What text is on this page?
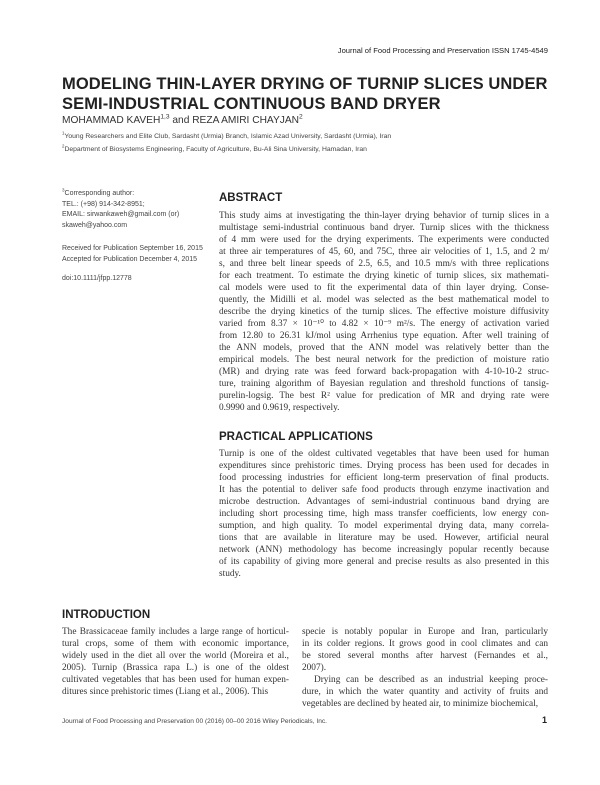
Journal of Food Processing and Preservation ISSN 1745-4549
MODELING THIN-LAYER DRYING OF TURNIP SLICES UNDER
SEMI-INDUSTRIAL CONTINUOUS BAND DRYER
MOHAMMAD KAVEH$^{1,3}$ and REZA AMIRI CHAYJAN$^2$
$^1$Young Researchers and Elite Club, Sardasht (Urmia) Branch, Islamic Azad University, Sardasht (Urmia), Iran
$^2$Department of Biosystems Engineering, Faculty of Agriculture, Bu-Ali Sina University, Hamadan, Iran
$^3$Corresponding author:
TEL.: (+98) 914-342-8951;
EMAIL: sirwankaweh@gmail.com (or)
skaweh@yahoo.com
Received for Publication September 16, 2015
Accepted for Publication December 4, 2015
doi:10.1111/jfpp.12778
ABSTRACT
This study aims at investigating the thin-layer drying behavior of turnip slices in a
multistage semi-industrial continuous band dryer. Turnip slices with the thickness
of 4 mm were used for the drying experiments. The experiments were conducted
at three air temperatures of 45, 60, and 75C, three air velocities of 1, 1.5, and 2 m/
s, and three belt linear speeds of 2.5, 6.5, and 10.5 mm/s with three replications
for each treatment. To estimate the drying kinetic of turnip slices, six mathemati-
cal models were used to fit the experimental data of thin layer drying. Conse-
quently, the Midilli et al. model was selected as the best mathematical model to
describe the drying kinetics of the turnip slices. The effective moisture diffusivity
varied from 8.37 × 10⁻¹⁰ to 4.82 × 10⁻⁹ m²/s. The energy of activation varied
from 12.80 to 26.31 kJ/mol using Arrhenius type equation. After well training of
the ANN models, proved that the ANN model was relatively better than the
empirical models. The best neural network for the prediction of moisture ratio
(MR) and drying rate was feed forward back-propagation with 4-10-10-2 struc-
ture, training algorithm of Bayesian regulation and threshold functions of tansig-
purelin-logsig. The best R² value for predication of MR and drying rate were
0.9990 and 0.9619, respectively.
PRACTICAL APPLICATIONS
Turnip is one of the oldest cultivated vegetables that have been used for human
expenditures since prehistoric times. Drying process has been used for decades in
food processing industries for efficient long-term preservation of final products.
It has the potential to deliver safe food products through enzyme inactivation and
microbe destruction. Advantages of semi-industrial continuous band drying are
including short processing time, high mass transfer coefficients, low energy con-
sumption, and high quality. To model experimental drying data, many correla-
tions that are available in literature may be used. However, artificial neural
network (ANN) methodology has become increasingly popular recently because
of its capability of giving more general and precise results as also presented in this
study.
INTRODUCTION
The Brassicaceae family includes a large range of horticul-
tural crops, some of them with economic importance,
widely used in the diet all over the world (Moreira et al.,
2005). Turnip (Brassica rapa L.) is one of the oldest
cultivated vegetables that has been used for human expen-
ditures since prehistoric times (Liang et al., 2006). This
specie is notably popular in Europe and Iran, particularly
in its colder regions. It grows good in cool climates and can
be stored several months after harvest (Fernandes et al.,
2007).
Drying can be described as an industrial keeping proce-
dure, in which the water quantity and activity of fruits and
vegetables are declined by heated air, to minimize biochemical,
Journal of Food Processing and Preservation 00 (2016) 00–00 2016 Wiley Periodicals, Inc.	1
